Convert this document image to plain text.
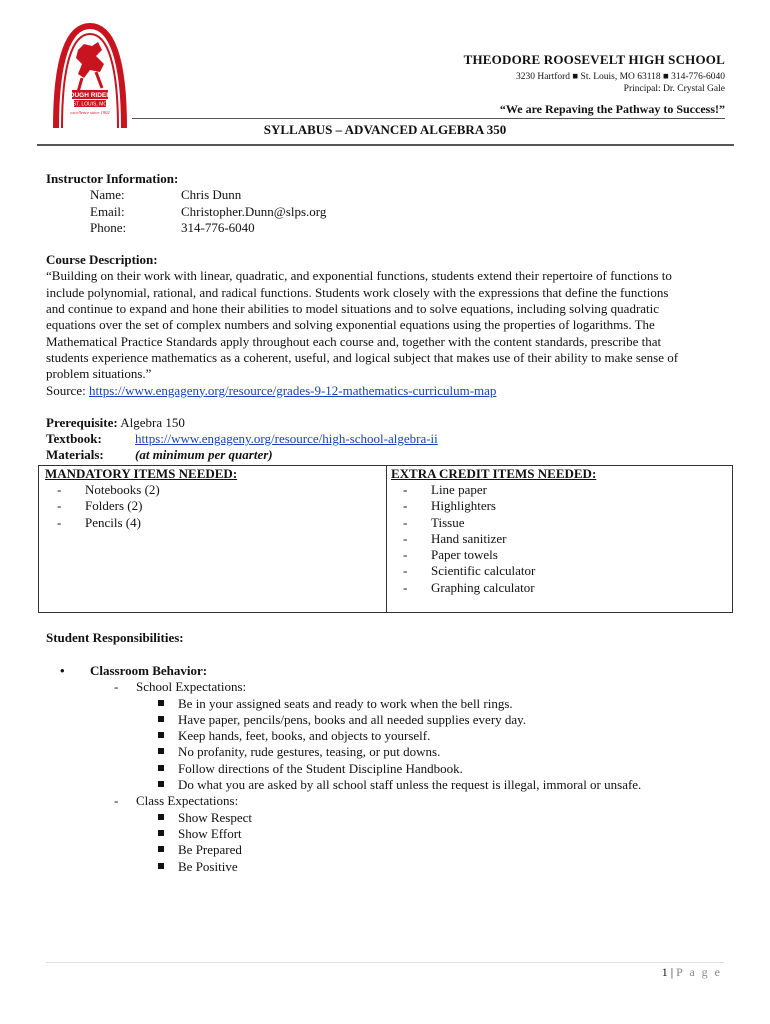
ROUGH RIDERS
ST. LOUIS, MO
excellence since 1902
THEODORE ROOSEVELT HIGH SCHOOL
3230 Hartford ■ St. Louis, MO 63118 ■ 314-776-6040
Principal: Dr. Crystal Gale
“We are Repaving the Pathway to Success!”
SYLLABUS – ADVANCED ALGEBRA 350
Instructor Information:
Name:	Chris Dunn
Email:	Christopher.Dunn@slps.org
Phone:	314-776-6040
Course Description:
“Building on their work with linear, quadratic, and exponential functions, students extend their repertoire of functions to
include polynomial, rational, and radical functions. Students work closely with the expressions that define the functions
and continue to expand and hone their abilities to model situations and to solve equations, including solving quadratic
equations over the set of complex numbers and solving exponential equations using the properties of logarithms. The
Mathematical Practice Standards apply throughout each course and, together with the content standards, prescribe that
students experience mathematics as a coherent, useful, and logical subject that makes use of their ability to make sense of
problem situations.”
Source: https://www.engageny.org/resource/grades-9-12-mathematics-curriculum-map
Prerequisite: Algebra 150
Textbook:	https://www.engageny.org/resource/high-school-algebra-ii
Materials:	(at minimum per quarter)
MANDATORY ITEMS NEEDED:
- Notebooks (2)
- Folders (2)
- Pencils (4)
EXTRA CREDIT ITEMS NEEDED:
- Line paper
- Highlighters
- Tissue
- Hand sanitizer
- Paper towels
- Scientific calculator
- Graphing calculator
Student Responsibilities:
• Classroom Behavior:
- School Expectations:
Be in your assigned seats and ready to work when the bell rings.
Have paper, pencils/pens, books and all needed supplies every day.
Keep hands, feet, books, and objects to yourself.
No profanity, rude gestures, teasing, or put downs.
Follow directions of the Student Discipline Handbook.
Do what you are asked by all school staff unless the request is illegal, immoral or unsafe.
- Class Expectations:
Show Respect
Show Effort
Be Prepared
Be Positive
1 | P a g e
